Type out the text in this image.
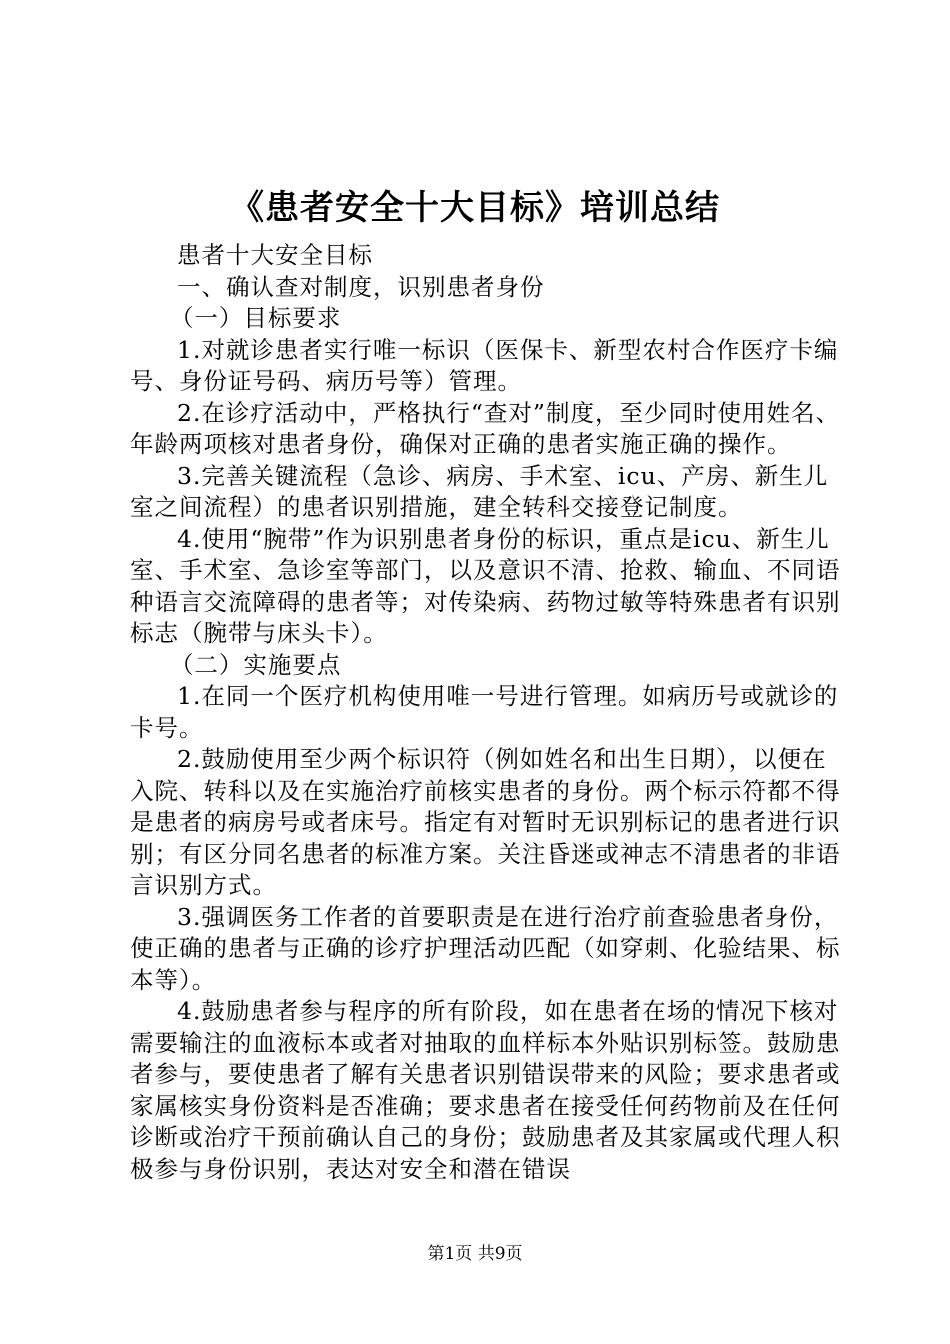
《患者安全十大目标》培训总结

患者十大安全目标

一、确认查对制度，识别患者身份

（一）目标要求

1.对就诊患者实行唯一标识（医保卡、新型农村合作医疗卡编号、身份证号码、病历号等）管理。

2.在诊疗活动中，严格执行“查对”制度，至少同时使用姓名、年龄两项核对患者身份，确保对正确的患者实施正确的操作。

3.完善关键流程（急诊、病房、手术室、icu、产房、新生儿室之间流程）的患者识别措施，建全转科交接登记制度。

4.使用“腕带”作为识别患者身份的标识，重点是icu、新生儿室、手术室、急诊室等部门，以及意识不清、抢救、输血、不同语种语言交流障碍的患者等；对传染病、药物过敏等特殊患者有识别标志（腕带与床头卡）。

（二）实施要点

1.在同一个医疗机构使用唯一号进行管理。如病历号或就诊的卡号。

2.鼓励使用至少两个标识符（例如姓名和出生日期），以便在入院、转科以及在实施治疗前核实患者的身份。两个标示符都不得是患者的病房号或者床号。指定有对暂时无识别标记的患者进行识别；有区分同名患者的标准方案。关注昏迷或神志不清患者的非语言识别方式。

3.强调医务工作者的首要职责是在进行治疗前查验患者身份，使正确的患者与正确的诊疗护理活动匹配（如穿刺、化验结果、标本等）。

4.鼓励患者参与程序的所有阶段，如在患者在场的情况下核对需要输注的血液标本或者对抽取的血样标本外贴识别标签。鼓励患者参与，要使患者了解有关患者识别错误带来的风险；要求患者或家属核实身份资料是否准确；要求患者在接受任何药物前及在任何诊断或治疗干预前确认自己的身份；鼓励患者及其家属或代理人积极参与身份识别，表达对安全和潜在错误

第1页 共9页
